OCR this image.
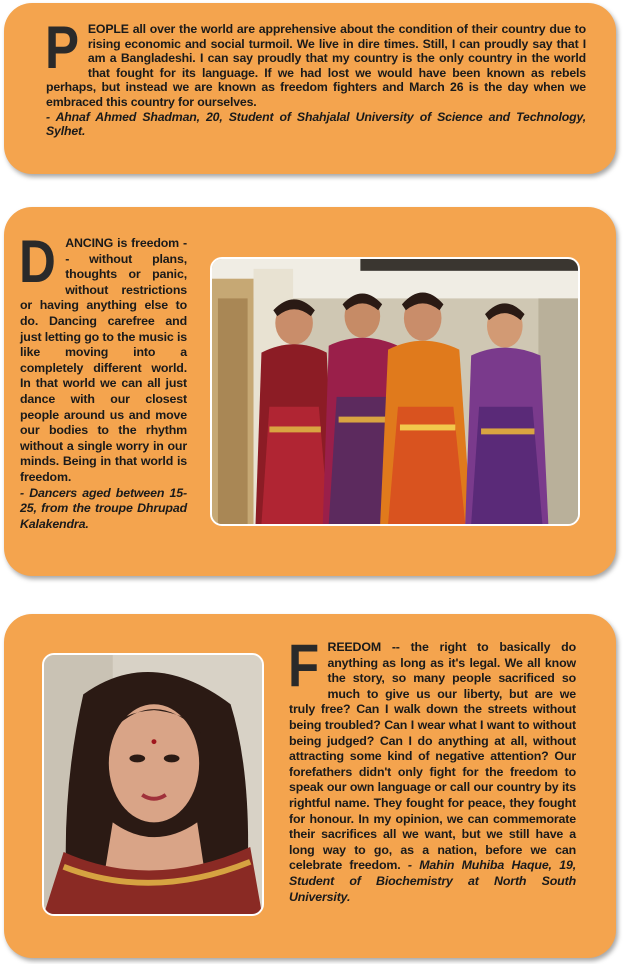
PEOPLE all over the world are apprehensive about the condition of their country due to rising economic and social turmoil. We live in dire times. Still, I can proudly say that I am a Bangladeshi. I can say proudly that my country is the only country in the world that fought for its language. If we had lost we would have been known as rebels perhaps, but instead we are known as freedom fighters and March 26 is the day when we embraced this country for ourselves.
- Ahnaf Ahmed Shadman, 20, Student of Shahjalal University of Science and Technology, Sylhet.
DANCING is freedom -- without plans, thoughts or panic, without restrictions or having anything else to do. Dancing carefree and just letting go to the music is like moving into a completely different world. In that world we can all just dance with our closest people around us and move our bodies to the rhythm without a single worry in our minds. Being in that world is freedom.
- Dancers aged between 15-25, from the troupe Dhrupad Kalakendra.
FREEDOM -- the right to basically do anything as long as it's legal. We all know the story, so many people sacrificed so much to give us our liberty, but are we truly free? Can I walk down the streets without being troubled? Can I wear what I want to without being judged? Can I do anything at all, without attracting some kind of negative attention? Our forefathers didn't only fight for the freedom to speak our own language or call our country by its rightful name. They fought for peace, they fought for honour. In my opinion, we can commemorate their sacrifices all we want, but we still have a long way to go, as a nation, before we can celebrate freedom. - Mahin Muhiba Haque, 19, Student of Biochemistry at North South University.
